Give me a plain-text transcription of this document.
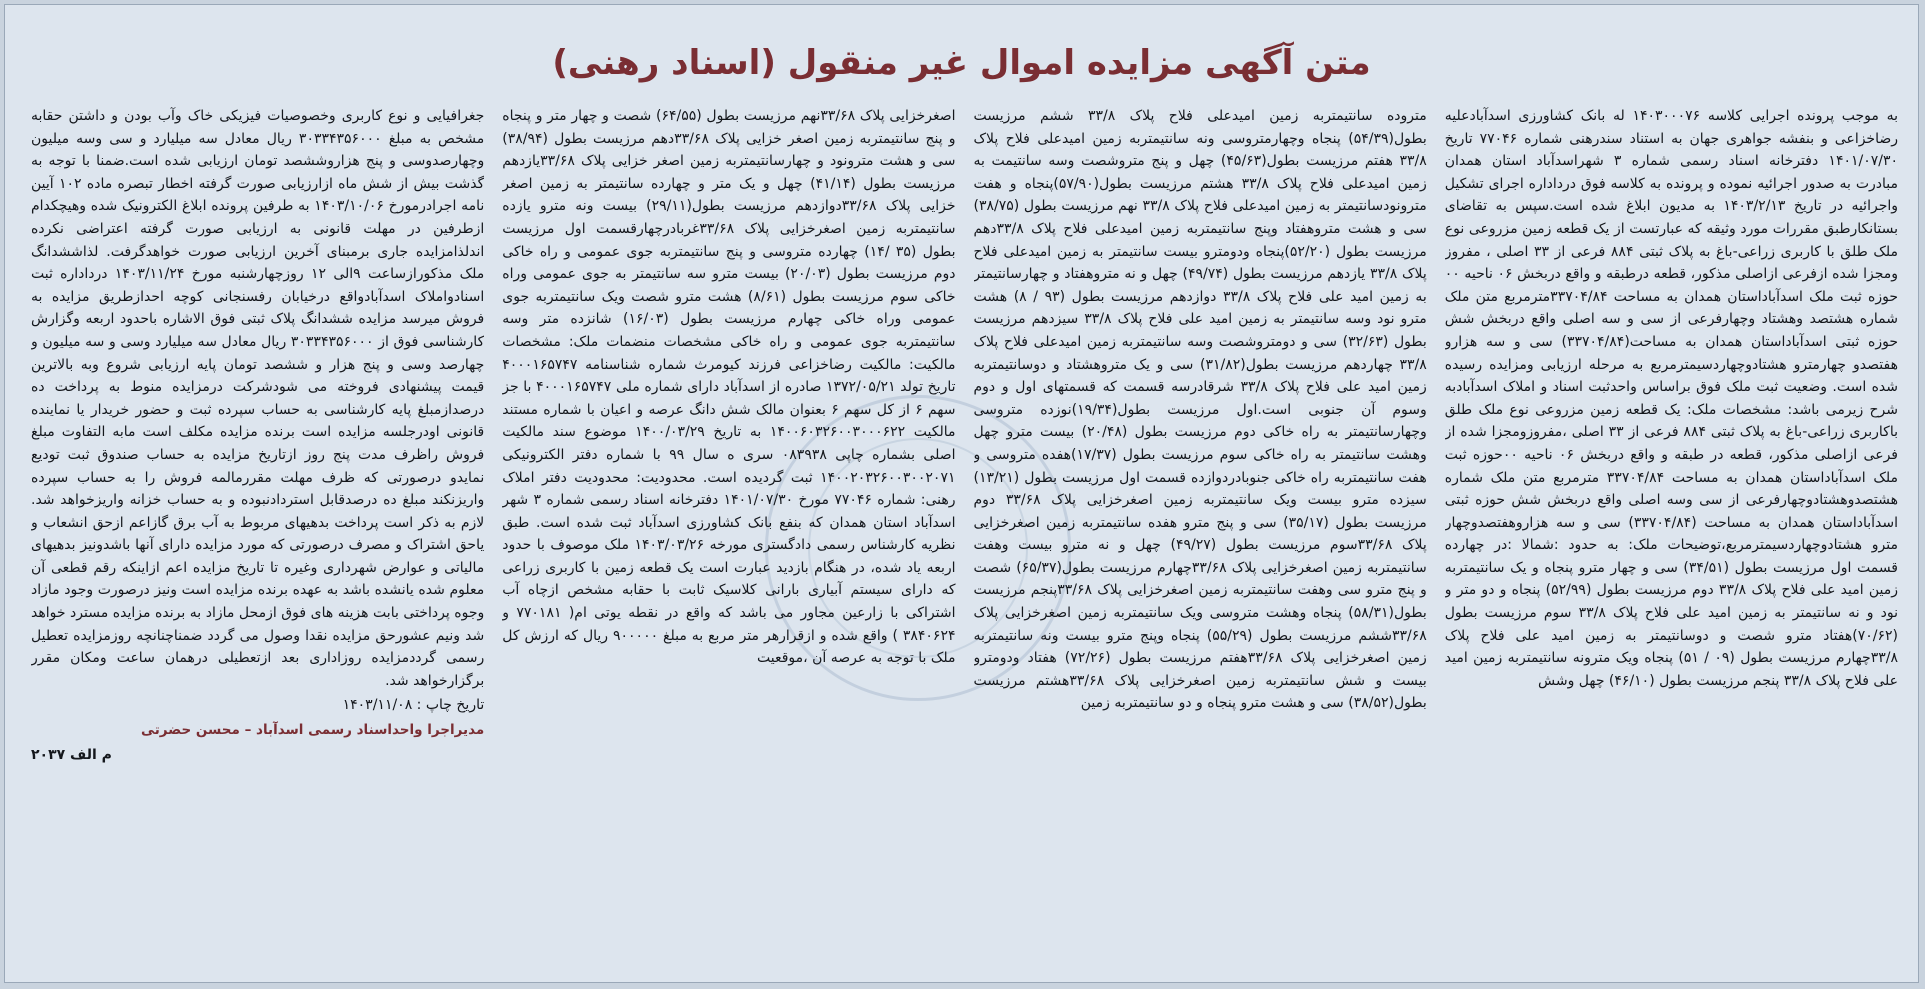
متن آگهی مزایده اموال غیر منقول (اسناد رهنی)

به موجب پرونده اجرایی کلاسه ۱۴۰۳۰۰۰۷۶ له بانک کشاورزی اسدآبادعلیه رضاخزاعی و بنفشه جواهری جهان به استناد سندرهنی شماره ۷۷۰۴۶ تاریخ ۱۴۰۱/۰۷/۳۰ دفترخانه اسناد رسمی شماره ۳ شهراسدآباد استان همدان مبادرت به صدور اجرائیه نموده و پرونده به کلاسه فوق درداداره اجرای تشکیل واجرائیه در تاریخ ۱۴۰۳/۲/۱۳ به مدیون ابلاغ شده است.سپس به تقاضای بستانکارطبق مقررات مورد وثیقه که عبارتست از یک قطعه زمین مزروعی نوع ملک طلق با کاربری زراعی-باغ به پلاک ثبتی ۸۸۴ فرعی از ۳۳ اصلی ، مفروز ومجزا شده ازفرعی ازاصلی مذکور، قطعه درطبقه و واقع دربخش ۰۶ ناحیه ۰۰ حوزه ثبت ملک اسدآباداستان همدان به مساحت ۳۳۷۰۴/۸۴مترمربع متن ملک شماره هشتصد وهشتاد وچهارفرعی از سی و سه اصلی واقع دربخش شش حوزه ثبتی اسدآباداستان همدان به مساحت(۳۳۷۰۴/۸۴) سی و سه هزارو هفتصدو چهارمترو هشتادوچهاردسیمترمربع به مرحله ارزیابی ومزایده رسیده شده است. وضعیت ثبت ملک فوق براساس واحدثبت اسناد و املاک اسدآبادبه شرح زیرمی باشد: مشخصات ملک: یک قطعه زمین مزروعی نوع ملک طلق باکاربری زراعی-باغ به پلاک ثبتی ۸۸۴ فرعی از ۳۳ اصلی ،مفروزومجزا شده از فرعی ازاصلی مذکور، قطعه در طبقه و واقع دربخش ۰۶ ناحیه ۰۰حوزه ثبت ملک اسدآباداستان همدان به مساحت ۳۳۷۰۴/۸۴ مترمربع متن ملک شماره هشتصدوهشتادوچهارفرعی از سی وسه اصلی واقع دربخش شش حوزه ثبتی اسدآباداستان همدان به مساحت (۳۳۷۰۴/۸۴) سی و سه هزاروهفتصدوچهار مترو هشتادوچهاردسیمترمربع،توضیحات ملک: به حدود :شمالا :در چهارده قسمت اول مرزیست بطول (۳۴/۵۱) سی و چهار مترو پنجاه و یک سانتیمتربه زمین امید علی فلاح پلاک ۳۳/۸ دوم مرزیست بطول (۵۲/۹۹) پنجاه و دو متر و نود و نه سانتیمتر به زمین امید علی فلاح پلاک ۳۳/۸ سوم مرزیست بطول (۷۰/۶۲)هفتاد مترو شصت و دوسانتیمتر به زمین امید علی فلاح پلاک ۳۳/۸چهارم مرزیست بطول (۰۹ / ۵۱) پنجاه ویک مترونه سانتیمتربه زمین امید علی فلاح پلاک ۳۳/۸ پنجم مرزیست بطول (۴۶/۱۰) چهل وشش

متروده سانتیمتربه زمین امیدعلی فلاح پلاک ۳۳/۸ ششم مرزیست بطول(۵۴/۳۹) پنجاه وچهارمتروسی ونه سانتیمتربه زمین امیدعلی فلاح پلاک ۳۳/۸ هفتم مرزیست بطول(۴۵/۶۳) چهل و پنج متروشصت وسه سانتیمت به زمین امیدعلی فلاح پلاک ۳۳/۸ هشتم مرزیست بطول(۵۷/۹۰)پنجاه و هفت مترونودسانتیمتر به زمین امیدعلی فلاح پلاک ۳۳/۸ نهم مرزیست بطول (۳۸/۷۵) سی و هشت متروهفتاد وپنج سانتیمتربه زمین امیدعلی فلاح پلاک ۳۳/۸دهم مرزیست بطول (۵۲/۲۰)پنجاه ودومترو بیست سانتیمتر به زمین امیدعلی فلاح پلاک ۳۳/۸ یازدهم مرزیست بطول (۴۹/۷۴) چهل و نه متروهفتاد و چهارسانتیمتر به زمین امید علی فلاح پلاک ۳۳/۸ دوازدهم مرزیست بطول (۹۳ / ۸) هشت مترو نود وسه سانتیمتر به زمین امید علی فلاح پلاک ۳۳/۸ سیزدهم مرزیست بطول (۳۲/۶۳) سی و دومتروشصت وسه سانتیمتربه زمین امیدعلی فلاح پلاک ۳۳/۸ چهاردهم مرزیست بطول(۳۱/۸۲) سی و یک متروهشتاد و دوسانتیمتربه زمین امید علی فلاح پلاک ۳۳/۸ شرقادرسه قسمت که قسمتهای اول و دوم وسوم آن جنوبی است.اول مرزیست بطول(۱۹/۳۴)نوزده متروسی وچهارسانتیمتر به راه خاکی دوم مرزیست بطول (۲۰/۴۸) بیست مترو چهل وهشت سانتیمتر به راه خاکی سوم مرزیست بطول (۱۷/۳۷)هفده متروسی و هفت سانتیمتربه راه خاکی جنوبادردوازده قسمت اول مرزیست بطول (۱۳/۲۱) سیزده مترو بیست ویک سانتیمتربه زمین اصغرخزایی پلاک ۳۳/۶۸ دوم مرزیست بطول (۳۵/۱۷) سی و پنج مترو هفده سانتیمتربه زمین اصغرخزایی پلاک ۳۳/۶۸سوم مرزیست بطول (۴۹/۲۷) چهل و نه مترو بیست وهفت سانتیمتربه زمین اصغرخزایی پلاک ۳۳/۶۸چهارم مرزیست بطول(۶۵/۳۷) شصت و پنج مترو سی وهفت سانتیمتربه زمین اصغرخزایی پلاک ۳۳/۶۸پنجم مرزیست بطول(۵۸/۳۱) پنجاه وهشت متروسی ویک سانتیمتربه زمین اصغرخزایی پلاک ۳۳/۶۸ششم مرزیست بطول (۵۵/۲۹) پنجاه وپنج مترو بیست ونه سانتیمتربه زمین اصغرخزایی پلاک ۳۳/۶۸هفتم مرزیست بطول (۷۲/۲۶) هفتاد ودومترو بیست و شش سانتیمتربه زمین اصغرخزایی پلاک ۳۳/۶۸هشتم مرزیست بطول(۳۸/۵۲) سی و هشت مترو پنجاه و دو سانتیمتربه زمین

اصغرخزایی پلاک ۳۳/۶۸نهم مرزیست بطول (۶۴/۵۵) شصت و چهار متر و پنجاه و پنج سانتیمتربه زمین اصغر خزایی پلاک ۳۳/۶۸دهم مرزیست بطول (۳۸/۹۴) سی و هشت مترونود و چهارسانتیمتربه زمین اصغر خزایی پلاک ۳۳/۶۸یازدهم مرزیست بطول (۴۱/۱۴) چهل و یک متر و چهارده سانتیمتر به زمین اصغر خزایی پلاک ۳۳/۶۸دوازدهم مرزیست بطول(۲۹/۱۱) بیست ونه مترو یازده سانتیمتربه زمین اصغرخزایی پلاک ۳۳/۶۸غربادرچهارقسمت اول مرزیست بطول (۳۵ /۱۴) چهارده متروسی و پنج سانتیمتربه جوی عمومی و راه خاکی دوم مرزیست بطول (۲۰/۰۳) بیست مترو سه سانتیمتر به جوی عمومی وراه خاکی سوم مرزیست بطول (۸/۶۱) هشت مترو شصت ویک سانتیمتربه جوی عمومی وراه خاکی چهارم مرزیست بطول (۱۶/۰۳) شانزده متر وسه سانتیمتربه جوی عمومی و راه خاکی مشخصات منضمات ملک: مشخصات مالکیت: مالکیت رضاخزاعی فرزند کیومرث شماره شناسنامه ۴۰۰۰۱۶۵۷۴۷ تاریخ تولد ۱۳۷۲/۰۵/۲۱ صادره از اسدآباد دارای شماره ملی ۴۰۰۰۱۶۵۷۴۷ با جز سهم ۶ از کل سهم ۶ بعنوان مالک شش دانگ عرصه و اعیان با شماره مستند مالکیت ۱۴۰۰۶۰۳۲۶۰۰۳۰۰۰۶۲۲ به تاریخ ۱۴۰۰/۰۳/۲۹ موضوع سند مالکیت اصلی بشماره چاپی ۰۸۳۹۳۸ سری ه سال ۹۹ با شماره دفتر الکترونیکی ۱۴۰۰۲۰۳۲۶۰۰۳۰۰۲۰۷۱ ثبت گردیده است. محدودیت: محدودیت دفتر املاک رهنی: شماره ۷۷۰۴۶ مورخ ۱۴۰۱/۰۷/۳۰ دفترخانه اسناد رسمی شماره ۳ شهر اسدآباد استان همدان که بنفع بانک کشاورزی اسدآباد ثبت شده است. طبق نظریه کارشناس رسمی دادگستری مورخه ۱۴۰۳/۰۳/۲۶ ملک موصوف با حدود اربعه یاد شده، در هنگام بازدید عبارت است یک قطعه زمین با کاربری زراعی که دارای سیستم آبیاری بارانی کلاسیک ثابت با حقابه مشخص ازچاه آب اشتراکی با زارعین مجاور می باشد که واقع در نقطه یوتی ام( ۷۷۰۱۸۱ و ۳۸۴۰۶۲۴ ) واقع شده و ازقرارهر متر مربع به مبلغ ۹۰۰۰۰۰ ریال که ارزش کل ملک با توجه به عرصه آن ،موقعیت

جغرافیایی و نوع کاربری وخصوصیات فیزیکی خاک وآب بودن و داشتن حقابه مشخص به مبلغ ۳۰۳۳۴۳۵۶۰۰۰ ریال معادل سه میلیارد و سی وسه میلیون وچهارصدوسی و پنج هزاروششصد تومان ارزیابی شده است.ضمنا با توجه به گذشت بیش از شش ماه ازارزیابی صورت گرفته اخطار تبصره ماده ۱۰۲ آیین نامه اجرادرمورخ ۱۴۰۳/۱۰/۰۶ به طرفین پرونده ابلاغ الکترونیک شده وهیچکدام ازطرفین در مهلت قانونی به ارزیابی صورت گرفته اعتراضی نکرده اندلذامزایده جاری برمبنای آخرین ارزیابی صورت خواهدگرفت. لذاششدانگ ملک مذکورازساعت ۹الی ۱۲ روزچهارشنبه مورخ ۱۴۰۳/۱۱/۲۴ درداداره ثبت اسنادواملاک اسدآبادواقع درخیابان رفسنجانی کوچه احدازطریق مزایده به فروش میرسد مزایده ششدانگ پلاک ثبتی فوق الاشاره باحدود اربعه وگزارش کارشناسی فوق از ۳۰۳۳۴۳۵۶۰۰۰ ریال معادل سه میلیارد وسی و سه میلیون و چهارصد وسی و پنج هزار و ششصد تومان پایه ارزیابی شروع وبه بالاترین قیمت پیشنهادی فروخته می شودشرکت درمزایده منوط به پرداخت ده درصدازمبلغ پایه کارشناسی به حساب سپرده ثبت و حضور خریدار یا نماینده قانونی اودرجلسه مزایده است برنده مزایده مکلف است مابه التفاوت مبلغ فروش راظرف مدت پنج روز ازتاریخ مزایده به حساب صندوق ثبت تودیع نمایدو درصورتی که ظرف مهلت مقررمالمه فروش را به حساب سپرده واریزنکند مبلغ ده درصدقابل استردادنبوده و به حساب خزانه واریزخواهد شد. لازم به ذکر است پرداخت بدهیهای مربوط به آب برق گازاعم ازحق انشعاب و یاحق اشتراک و مصرف درصورتی که مورد مزایده دارای آنها باشدونیز بدهیهای مالیاتی و عوارض شهرداری وغیره تا تاریخ مزایده اعم ازاینکه رقم قطعی آن معلوم شده یانشده باشد به عهده برنده مزایده است ونیز درصورت وجود مازاد وجوه پرداختی بابت هزینه های فوق ازمحل مازاد به برنده مزایده مسترد خواهد شد ونیم عشورحق مزایده نقدا وصول می گردد ضمناچنانچه روزمزایده تعطیل رسمی گرددمزایده روزاداری بعد ازتعطیلی درهمان ساعت ومکان مقرر برگزارخواهد شد.

تاریخ چاپ : ۱۴۰۳/۱۱/۰۸
مدیراجرا واحداسناد رسمی اسدآباد – محسن حضرتی
م الف ۲۰۳۷
